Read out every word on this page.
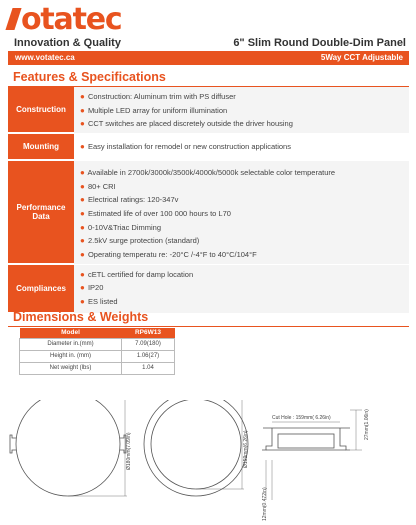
otatec
Innovation & Quality	6" Slim Round Double-Dim Panel
www.votatec.ca	5Way CCT Adjustable
Features & Specifications
Construction
● Construction: Aluminum trim with PS diffuser
● Multiple LED array for uniform illumination
● CCT switches are placed discretely outside the driver housing
Mounting	● Easy installation for remodel or new construction applications
Performance Data
● Available in 2700k/3000k/3500k/4000k/5000k selectable color temperature
● 80+ CRI
● Electrical ratings: 120-347v
● Estimated life of over 100 000 hours to L70
● 0-10V&Triac Dimming
● 2.5kV surge protection (standard)
● Operating temperatu re: -20°C /-4°F to 40°C/104°F
Compliances
● cETL certified for damp location
● IP20
● ES listed
Dimensions & Weights
Model	RP6W13
Diameter in.(mm)	7.09(180)
Height in. (mm)	1.06(27)
Net weight (lbs)	1.04
Ø180mm(7.09in)	Ø159mm(6.26in)
Cut Hole : 159mm( 6.26in)	27mm(1.06in)
12mm(0.472in)
